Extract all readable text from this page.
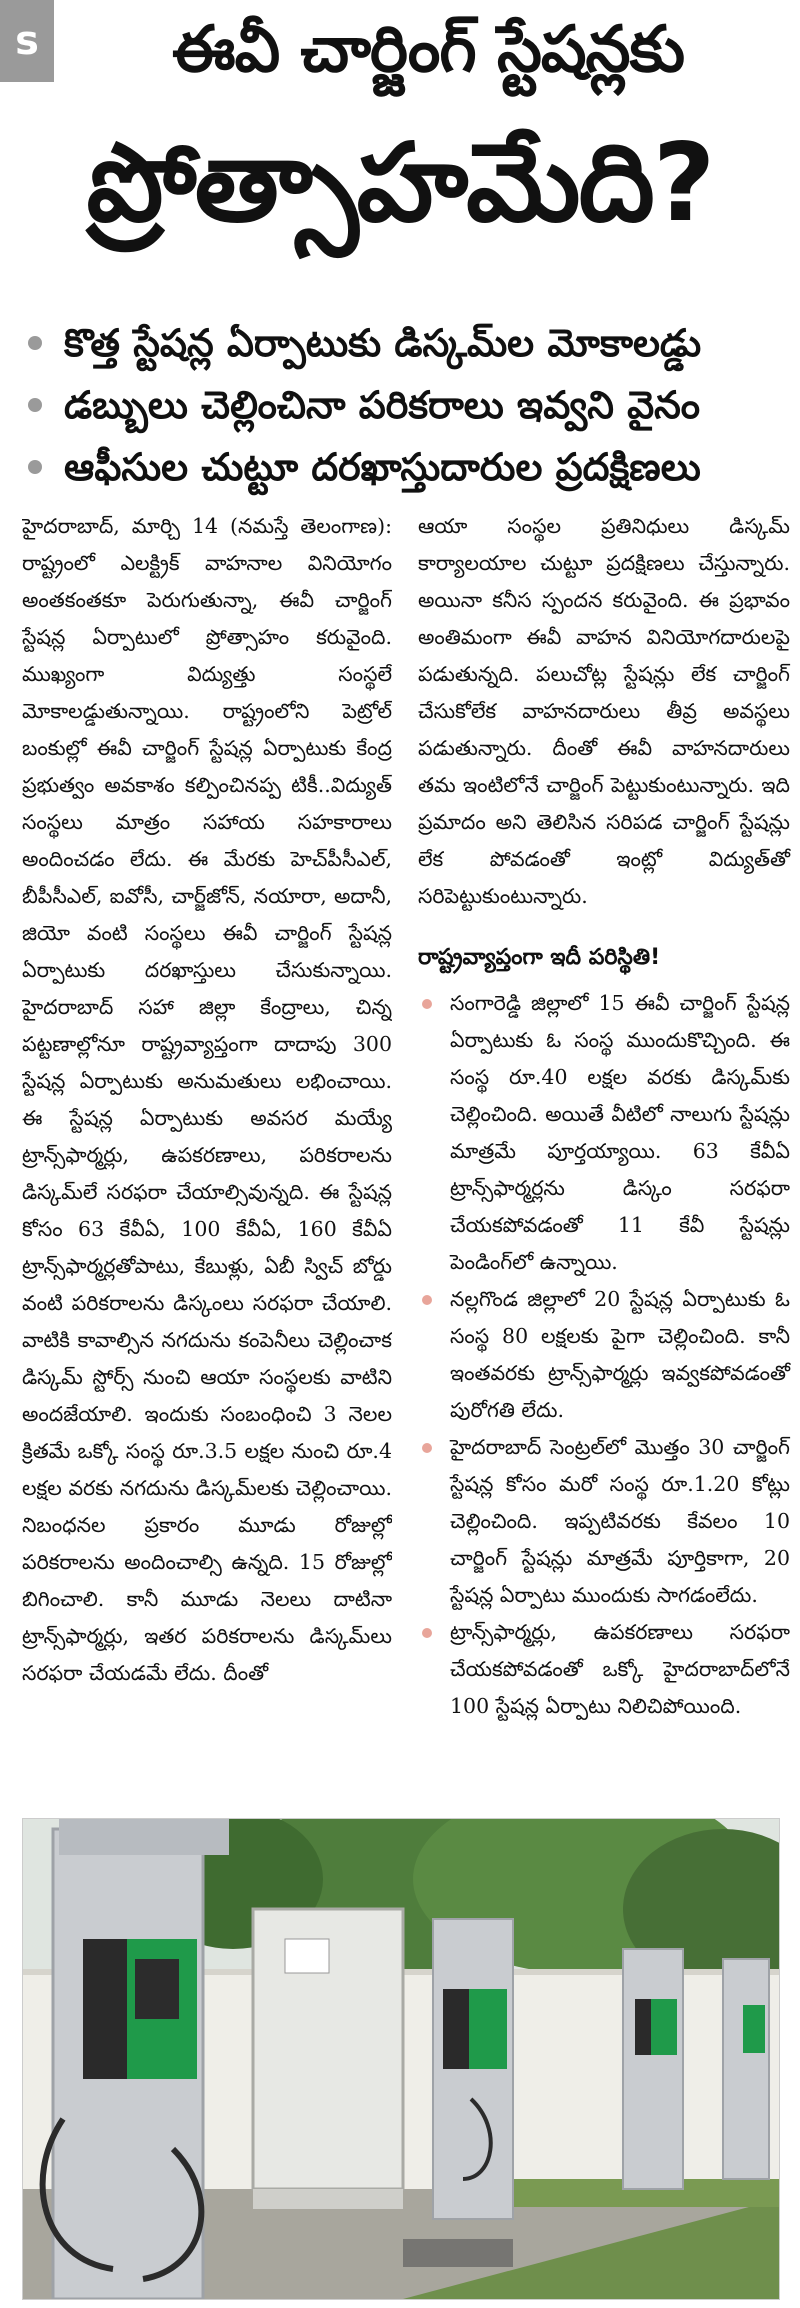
s	ఈవీ చార్జింగ్ స్టేషన్లకు
ప్రోత్సాహమేది?
కొత్త స్టేషన్ల ఏర్పాటుకు డిస్కమ్‌ల మోకాలడ్డు
డబ్బులు చెల్లించినా పరికరాలు ఇవ్వని వైనం
ఆఫీసుల చుట్టూ దరఖాస్తుదారుల ప్రదక్షిణలు

హైదరాబాద్, మార్చి 14 (నమస్తే తెలంగాణ): రాష్ట్రంలో ఎలక్ట్రిక్ వాహనాల వినియోగం అంతకంతకూ పెరుగుతున్నా, ఈవీ చార్జింగ్ స్టేషన్ల ఏర్పాటులో ప్రోత్సాహం కరువైంది. ముఖ్యంగా విద్యుత్తు సంస్థలే మోకాలడ్డుతున్నాయి. రాష్ట్రంలోని పెట్రోల్ బంకుల్లో ఈవీ చార్జింగ్ స్టేషన్ల ఏర్పాటుకు కేంద్ర ప్రభుత్వం అవకాశం కల్పించినప్ప టికీ..విద్యుత్ సంస్థలు మాత్రం సహాయ సహకారాలు అందించడం లేదు. ఈ మేరకు హెచ్‌పీసీఎల్, బీపీసీఎల్, ఐవోసీ, చార్జ్‌జోన్, నయారా, అదానీ, జియో వంటి సంస్థలు ఈవీ చార్జింగ్ స్టేషన్ల ఏర్పాటుకు దరఖాస్తులు చేసుకున్నాయి. హైదరాబాద్ సహా జిల్లా కేంద్రాలు, చిన్న పట్టణాల్లోనూ రాష్ట్రవ్యాప్తంగా దాదాపు 300 స్టేషన్ల ఏర్పాటుకు అనుమతులు లభించాయి. ఈ స్టేషన్ల ఏర్పాటుకు అవసర మయ్యే ట్రాన్స్‌ఫార్మర్లు, ఉపకరణాలు, పరికరాలను డిస్కమ్‌లే సరఫరా చేయాల్సివున్నది. ఈ స్టేషన్ల కోసం 63 కేవీఏ, 100 కేవీఏ, 160 కేవీఏ ట్రాన్స్‌ఫార్మర్లతోపాటు, కేబుళ్లు, ఏబీ స్విచ్ బోర్డు వంటి పరికరాలను డిస్కంలు సరఫరా చేయాలి. వాటికి కావాల్సిన నగదును కంపెనీలు చెల్లించాక డిస్కమ్ స్టోర్స్ నుంచి ఆయా సంస్థలకు వాటిని అందజేయాలి. ఇందుకు సంబంధించి 3 నెలల క్రితమే ఒక్కో సంస్థ రూ.3.5 లక్షల నుంచి రూ.4 లక్షల వరకు నగదును డిస్కమ్‌లకు చెల్లించాయి. నిబంధనల ప్రకారం మూడు రోజుల్లో పరికరాలను అందించాల్సి ఉన్నది. 15 రోజుల్లో బిగించాలి. కానీ మూడు నెలలు దాటినా ట్రాన్స్‌ఫార్మర్లు, ఇతర పరికరాలను డిస్కమ్‌లు సరఫరా చేయడమే లేదు. దీంతో

ఆయా సంస్థల ప్రతినిధులు డిస్కమ్ కార్యాలయాల చుట్టూ ప్రదక్షిణలు చేస్తున్నారు. అయినా కనీస స్పందన కరువైంది. ఈ ప్రభావం అంతిమంగా ఈవీ వాహన వినియోగదారులపై పడుతున్నది. పలుచోట్ల స్టేషన్లు లేక చార్జింగ్ చేసుకోలేక వాహనదారులు తీవ్ర అవస్థలు పడుతున్నారు. దీంతో ఈవీ వాహనదారులు తమ ఇంటిలోనే చార్జింగ్ పెట్టుకుంటున్నారు. ఇది ప్రమాదం అని తెలిసిన సరిపడ చార్జింగ్ స్టేషన్లు లేక పోవడంతో ఇంట్లో విద్యుత్‌తో సరిపెట్టుకుంటున్నారు.

రాష్ట్రవ్యాప్తంగా ఇదీ పరిస్థితి!
సంగారెడ్డి జిల్లాలో 15 ఈవీ చార్జింగ్ స్టేషన్ల ఏర్పాటుకు ఓ సంస్థ ముందుకొచ్చింది. ఈ సంస్థ రూ.40 లక్షల వరకు డిస్కమ్‌కు చెల్లించింది. అయితే వీటిలో నాలుగు స్టేషన్లు మాత్రమే పూర్తయ్యాయి. 63 కేవీఏ ట్రాన్స్‌ఫార్మర్లను డిస్కం సరఫరా చేయకపోవడంతో 11 కేవీ స్టేషన్లు పెండింగ్‌లో ఉన్నాయి.
నల్లగొండ జిల్లాలో 20 స్టేషన్ల ఏర్పాటుకు ఓ సంస్థ 80 లక్షలకు పైగా చెల్లించింది. కానీ ఇంతవరకు ట్రాన్స్‌ఫార్మర్లు ఇవ్వకపోవడంతో పురోగతి లేదు.
హైదరాబాద్ సెంట్రల్‌లో మొత్తం 30 చార్జింగ్ స్టేషన్ల కోసం మరో సంస్థ రూ.1.20 కోట్లు చెల్లించింది. ఇప్పటివరకు కేవలం 10 చార్జింగ్ స్టేషన్లు మాత్రమే పూర్తికాగా, 20 స్టేషన్ల ఏర్పాటు ముందుకు సాగడంలేదు.
ట్రాన్స్‌ఫార్మర్లు, ఉపకరణాలు సరఫరా చేయకపోవడంతో ఒక్కో హైదరాబాద్‌లోనే 100 స్టేషన్ల ఏర్పాటు నిలిచిపోయింది.
